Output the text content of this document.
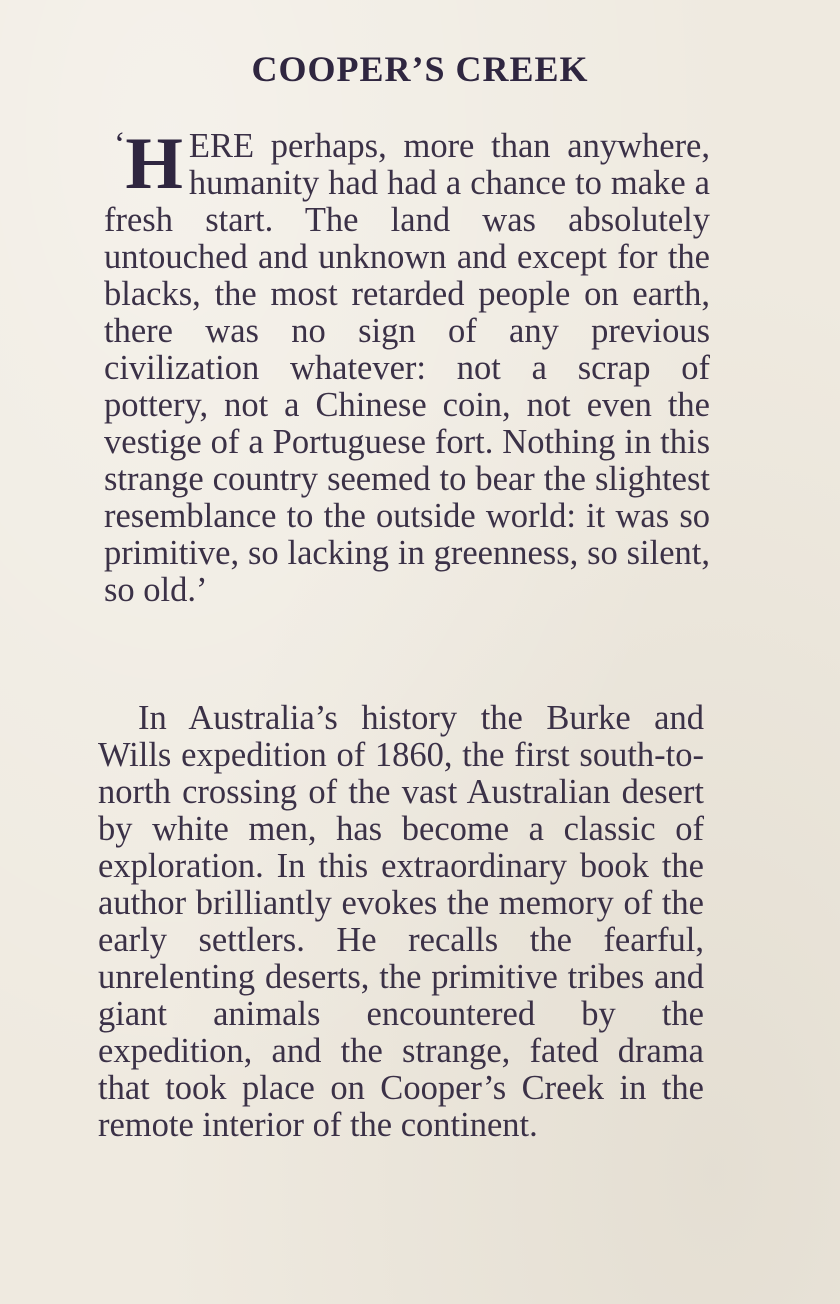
COOPER’S CREEK

‘ H ERE perhaps, more than anywhere, humanity had had a chance to make a fresh start. The land was absolutely untouched and unknown and except for the blacks, the most retarded people on earth, there was no sign of any previous civilization whatever: not a scrap of pottery, not a Chinese coin, not even the vestige of a Portuguese fort. Nothing in this strange country seemed to bear the slightest resemblance to the outside world: it was so primitive, so lacking in greenness, so silent, so old.’

In Australia’s history the Burke and Wills expedition of 1860, the first south-to-north crossing of the vast Australian desert by white men, has become a classic of exploration. In this extraordinary book the author brilliantly evokes the memory of the early settlers. He recalls the fearful, unrelenting deserts, the primitive tribes and giant animals encountered by the expedition, and the strange, fated drama that took place on Cooper’s Creek in the remote interior of the continent.
